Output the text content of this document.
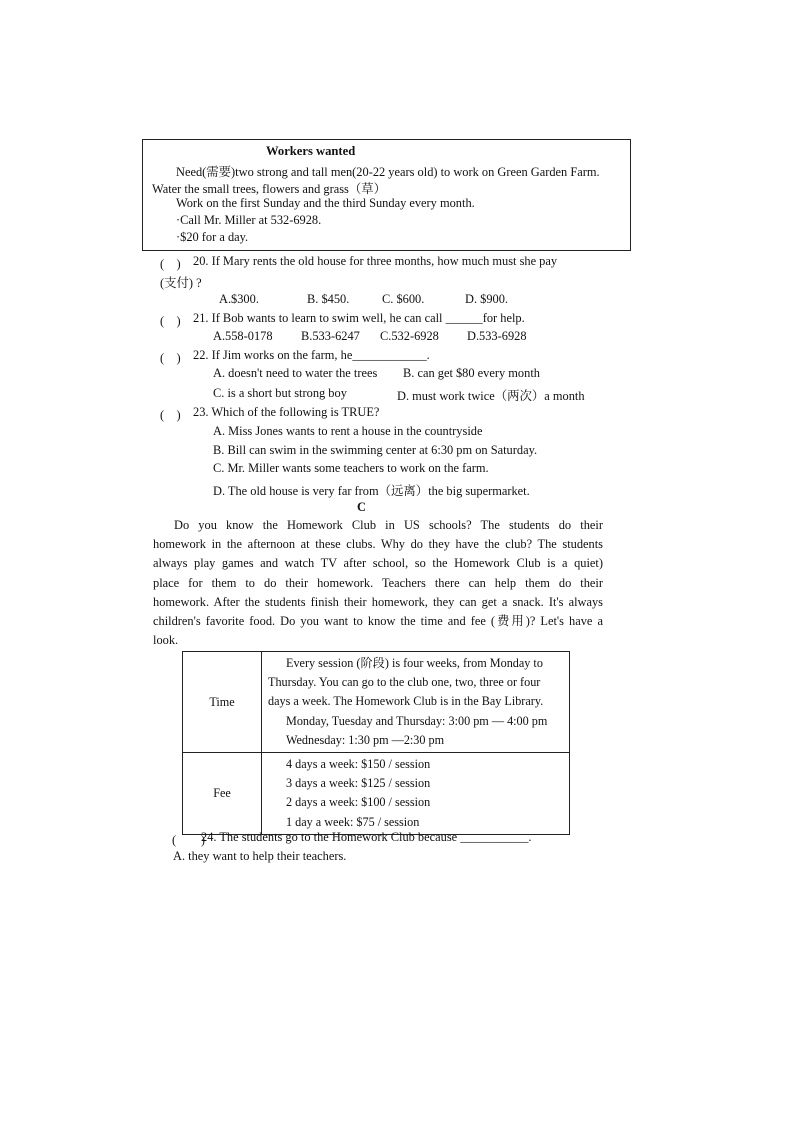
Workers wanted
Need(需要)two strong and tall men(20-22 years old) to work on Green Garden Farm.
Water the small trees, flowers and grass（草）
Work on the first Sunday and the third Sunday every month.
·Call Mr. Miller at 532-6928.
·$20 for a day.
(　) 20. If Mary rents the old house for three months, how much must she pay
(支付) ?
A.$300.	B. $450.	C. $600.	D. $900.
(　) 21. If Bob wants to learn to swim well, he can call ______for help.
A.558-0178 B.533-6247 C.532-6928 D.533-6928
(　) 22. If Jim works on the farm, he____________.
A. doesn't need to water the trees B. can get $80 every month
C. is a short but strong boy	D. must work twice（两次）a month
(　) 23. Which of the following is TRUE?
A. Miss Jones wants to rent a house in the countryside
B. Bill can swim in the swimming center at 6:30 pm on Saturday.
C. Mr. Miller wants some teachers to work on the farm.
D. The old house is very far from（远离）the big supermarket.
C
Do you know the Homework Club in US schools? The students do their
homework in the afternoon at these clubs. Why do they have the club? The students
always play games and watch TV after school, so the Homework Club is a quiet)
place for them to do their homework. Teachers there can help them do their
homework. After the students finish their homework, they can get a snack. It's always
children's favorite food. Do you want to know the time and fee (费用)? Let's have a
look.
Time	Every session (阶段) is four weeks, from Monday to
Thursday. You can go to the club one, two, three or four
days a week. The Homework Club is in the Bay Library.
Monday, Tuesday and Thursday: 3:00 pm — 4:00 pm
Wednesday: 1:30 pm —2:30 pm

Fee	4 days a week: $150 / session
3 days a week: $125 / session
2 days a week: $100 / session
1 day a week: $75 / session
(　　)
24. The students go to the Homework Club because ___________.
A. they want to help their teachers.
